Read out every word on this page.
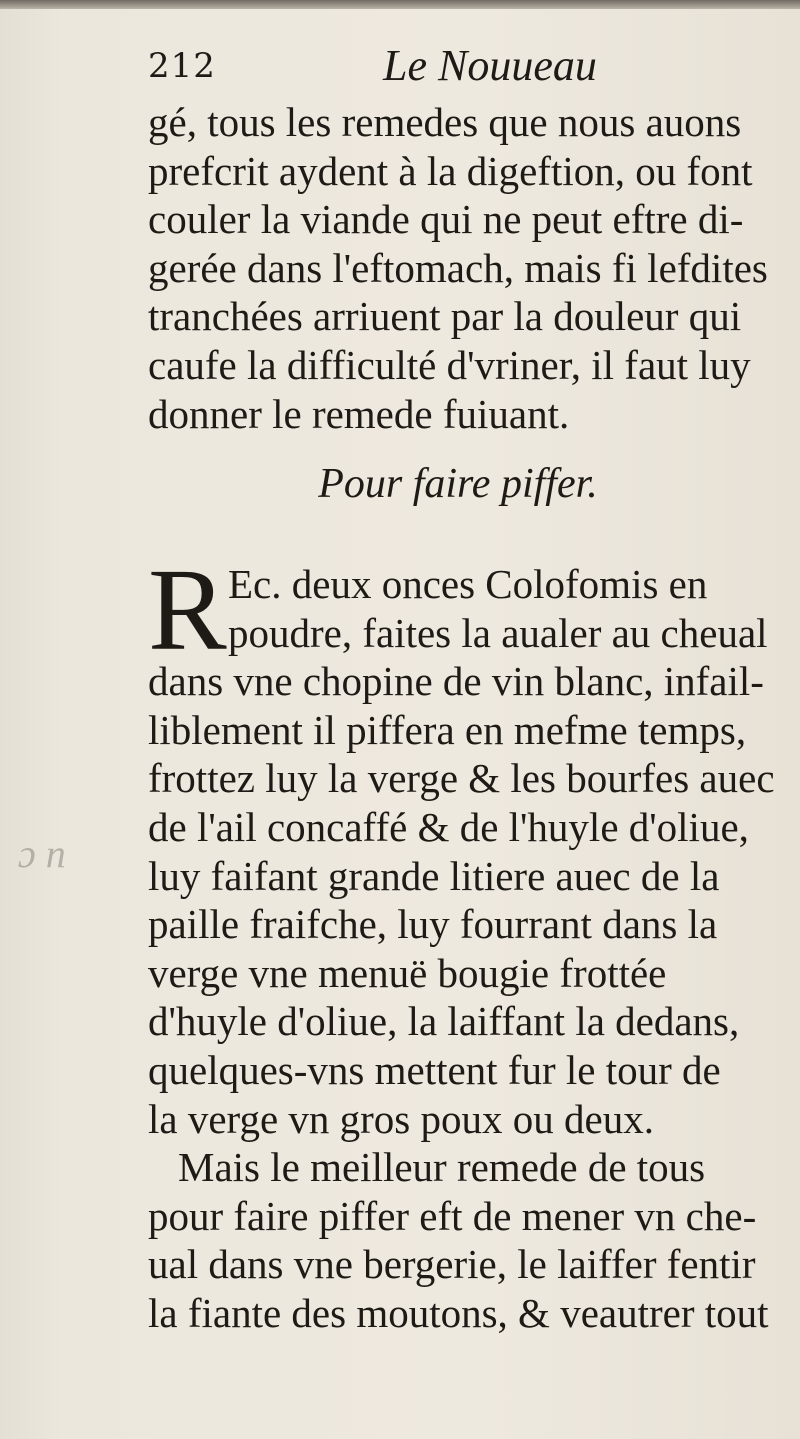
212	Le Nouueau
gé, tous les remedes que nous auons
prefcrit aydent à la digeftion, ou font
couler la viande qui ne peut eftre di-
gerée dans l'eftomach, mais fi lefdites
tranchées arriuent par la douleur qui
caufe la difficulté d'vriner, il faut luy
donner le remede fuiuant.
Pour faire piffer.
R Ec. deux onces Colofomis en
poudre, faites la aualer au cheual
dans vne chopine de vin blanc, infail-
liblement il piffera en mefme temps,
frottez luy la verge & les bourfes auec
de l'ail concaffé & de l'huyle d'oliue,
luy faifant grande litiere auec de la
paille fraifche, luy fourrant dans la
verge vne menuë bougie frottée
d'huyle d'oliue, la laiffant la dedans,
quelques-vns mettent fur le tour de
la verge vn gros poux ou deux.
Mais le meilleur remede de tous
pour faire piffer eft de mener vn che-
ual dans vne bergerie, le laiffer fentir
la fiante des moutons, & veautrer tout
ɔ n
